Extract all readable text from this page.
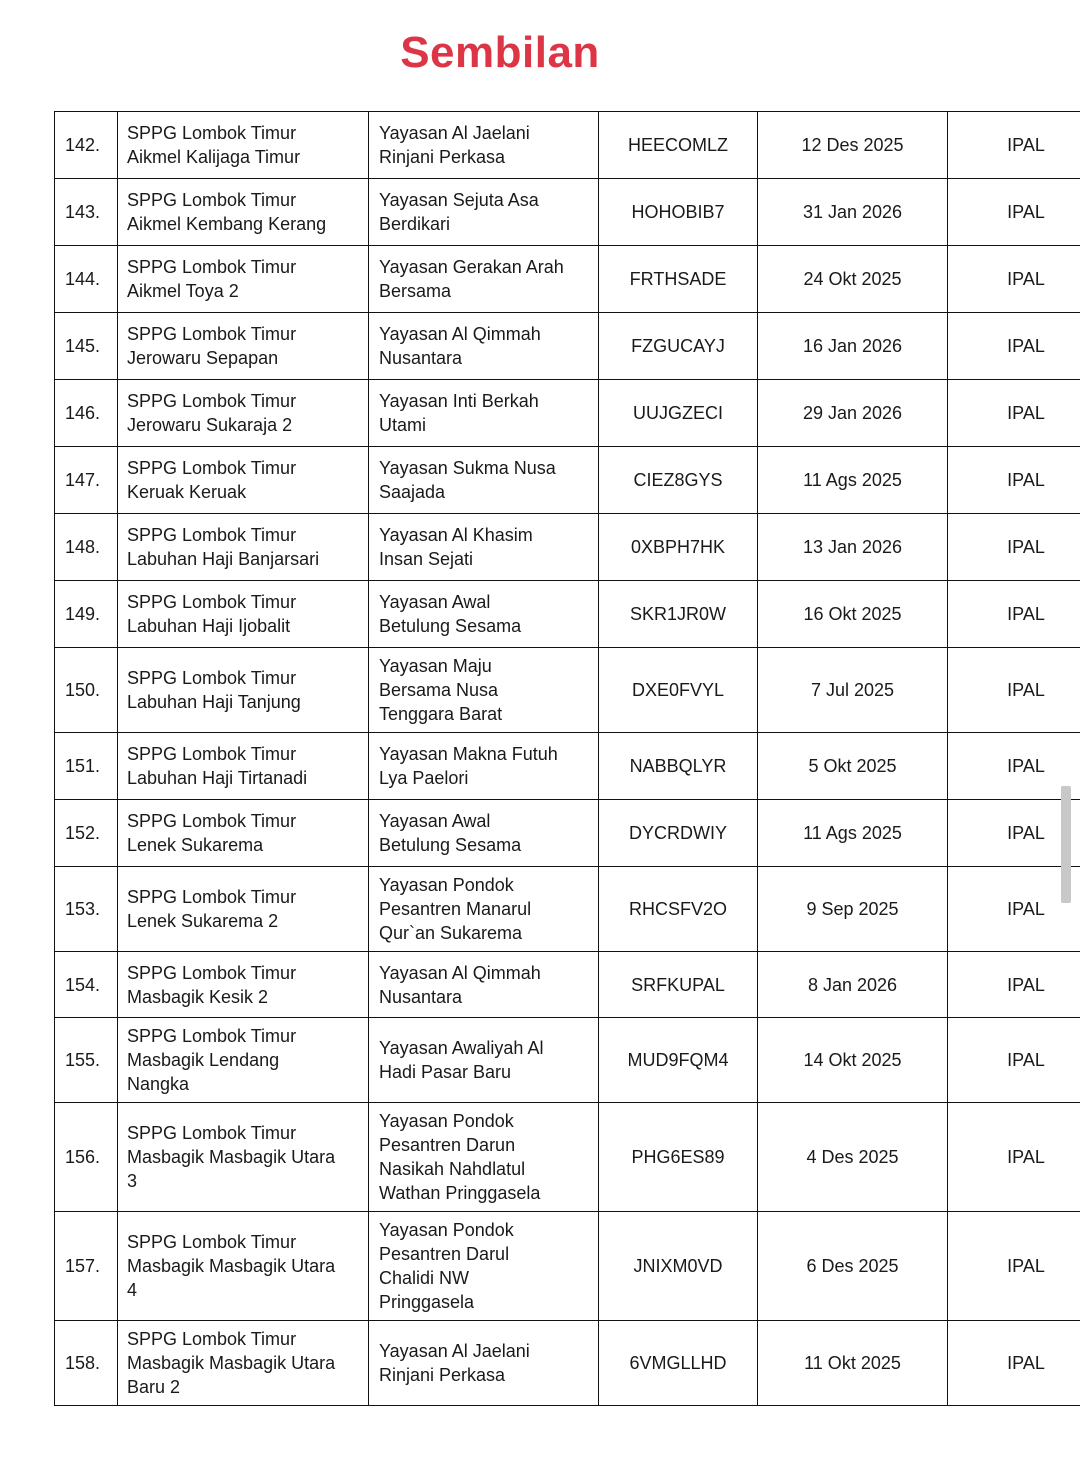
Sembilan
142.	SPPG Lombok Timur
Aikmel Kalijaga Timur	Yayasan Al Jaelani
Rinjani Perkasa	HEECOMLZ	12 Des 2025	IPAL
143.	SPPG Lombok Timur
Aikmel Kembang Kerang	Yayasan Sejuta Asa
Berdikari	HOHOBIB7	31 Jan 2026	IPAL
144.	SPPG Lombok Timur
Aikmel Toya 2	Yayasan Gerakan Arah
Bersama	FRTHSADE	24 Okt 2025	IPAL
145.	SPPG Lombok Timur
Jerowaru Sepapan	Yayasan Al Qimmah
Nusantara	FZGUCAYJ	16 Jan 2026	IPAL
146.	SPPG Lombok Timur
Jerowaru Sukaraja 2	Yayasan Inti Berkah
Utami	UUJGZECI	29 Jan 2026	IPAL
147.	SPPG Lombok Timur
Keruak Keruak	Yayasan Sukma Nusa
Saajada	CIEZ8GYS	11 Ags 2025	IPAL
148.	SPPG Lombok Timur
Labuhan Haji Banjarsari	Yayasan Al Khasim
Insan Sejati	0XBPH7HK	13 Jan 2026	IPAL
149.	SPPG Lombok Timur
Labuhan Haji Ijobalit	Yayasan Awal
Betulung Sesama	SKR1JR0W	16 Okt 2025	IPAL
150.	SPPG Lombok Timur
Labuhan Haji Tanjung	Yayasan Maju
Bersama Nusa
Tenggara Barat	DXE0FVYL	7 Jul 2025	IPAL
151.	SPPG Lombok Timur
Labuhan Haji Tirtanadi	Yayasan Makna Futuh
Lya Paelori	NABBQLYR	5 Okt 2025	IPAL
152.	SPPG Lombok Timur
Lenek Sukarema	Yayasan Awal
Betulung Sesama	DYCRDWIY	11 Ags 2025	IPAL
153.	SPPG Lombok Timur
Lenek Sukarema 2	Yayasan Pondok
Pesantren Manarul
Qur`an Sukarema	RHCSFV2O	9 Sep 2025	IPAL
154.	SPPG Lombok Timur
Masbagik Kesik 2	Yayasan Al Qimmah
Nusantara	SRFKUPAL	8 Jan 2026	IPAL
155.	SPPG Lombok Timur
Masbagik Lendang
Nangka	Yayasan Awaliyah Al
Hadi Pasar Baru	MUD9FQM4	14 Okt 2025	IPAL
156.	SPPG Lombok Timur
Masbagik Masbagik Utara
3	Yayasan Pondok
Pesantren Darun
Nasikah Nahdlatul
Wathan Pringgasela	PHG6ES89	4 Des 2025	IPAL
157.	SPPG Lombok Timur
Masbagik Masbagik Utara
4	Yayasan Pondok
Pesantren Darul
Chalidi NW
Pringgasela	JNIXM0VD	6 Des 2025	IPAL
158.	SPPG Lombok Timur
Masbagik Masbagik Utara
Baru 2	Yayasan Al Jaelani
Rinjani Perkasa	6VMGLLHD	11 Okt 2025	IPAL
